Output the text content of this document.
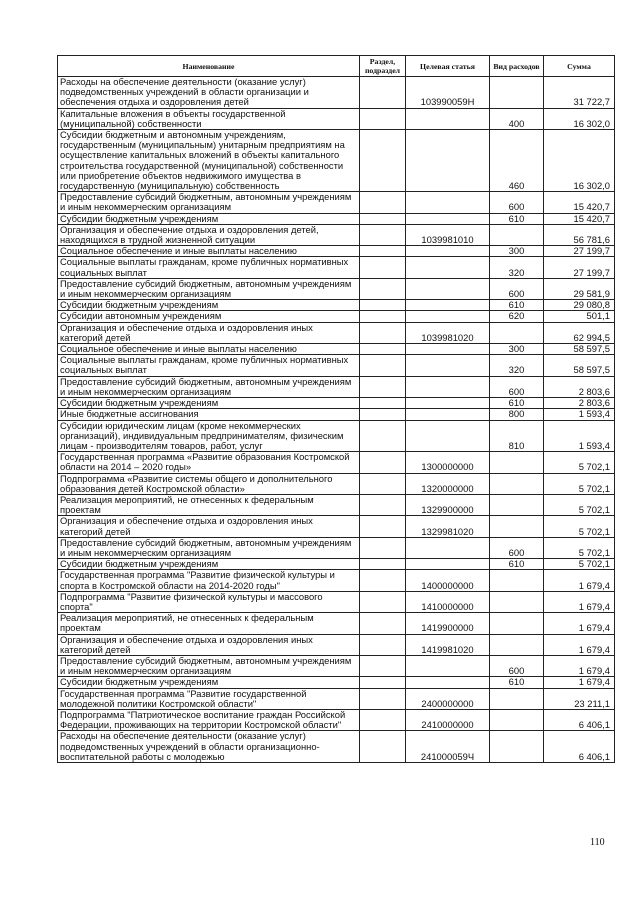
Наименование	Раздел, подраздел	Целевая статья	Вид расходов	Сумма
Расходы на обеспечение деятельности (оказание услуг) подведомственных учреждений в области организации и обеспечения отдыха и оздоровления детей		103990059Н		31 722,7
Капитальные вложения в объекты государственной (муниципальной) собственности			400	16 302,0
Субсидии бюджетным и автономным учреждениям, государственным (муниципальным) унитарным предприятиям на осуществление капитальных вложений в объекты капитального строительства государственной (муниципальной) собственности или приобретение объектов недвижимого имущества в государственную (муниципальную) собственность			460	16 302,0
Предоставление субсидий бюджетным, автономным учреждениям и иным некоммерческим организациям			600	15 420,7
Субсидии бюджетным учреждениям			610	15 420,7
Организация и обеспечение отдыха и оздоровления детей, находящихся в трудной жизненной ситуации		1039981010		56 781,6
Социальное обеспечение и иные выплаты населению			300	27 199,7
Социальные выплаты гражданам, кроме публичных нормативных социальных выплат			320	27 199,7
Предоставление субсидий бюджетным, автономным учреждениям и иным некоммерческим организациям			600	29 581,9
Субсидии бюджетным учреждениям			610	29 080,8
Субсидии автономным учреждениям			620	501,1
Организация и обеспечение отдыха и оздоровления иных категорий детей		1039981020		62 994,5
Социальное обеспечение и иные выплаты населению			300	58 597,5
Социальные выплаты гражданам, кроме публичных нормативных социальных выплат			320	58 597,5
Предоставление субсидий бюджетным, автономным учреждениям и иным некоммерческим организациям			600	2 803,6
Субсидии бюджетным учреждениям			610	2 803,6
Иные бюджетные ассигнования			800	1 593,4
Субсидии юридическим лицам (кроме некоммерческих организаций), индивидуальным предпринимателям, физическим лицам - производителям товаров, работ, услуг			810	1 593,4
Государственная программа «Развитие образования Костромской области на 2014 – 2020 годы»		1300000000		5 702,1
Подпрограмма «Развитие системы общего и дополнительного образования детей Костромской области»		1320000000		5 702,1
Реализация мероприятий, не отнесенных к федеральным проектам		1329900000		5 702,1
Организация и обеспечение отдыха и оздоровления иных категорий детей		1329981020		5 702,1
Предоставление субсидий бюджетным, автономным учреждениям и иным некоммерческим организациям			600	5 702,1
Субсидии бюджетным учреждениям			610	5 702,1
Государственная программа "Развитие физической культуры и спорта в Костромской области на 2014-2020 годы"		1400000000		1 679,4
Подпрограмма "Развитие физической культуры и массового спорта"		1410000000		1 679,4
Реализация мероприятий, не отнесенных к федеральным проектам		1419900000		1 679,4
Организация и обеспечение отдыха и оздоровления иных категорий детей		1419981020		1 679,4
Предоставление субсидий бюджетным, автономным учреждениям и иным некоммерческим организациям			600	1 679,4
Субсидии бюджетным учреждениям			610	1 679,4
Государственная программа "Развитие государственной молодежной политики Костромской области"		2400000000		23 211,1
Подпрограмма "Патриотическое воспитание граждан Российской Федерации, проживающих на территории Костромской области"		2410000000		6 406,1
Расходы на обеспечение деятельности (оказание услуг) подведомственных учреждений в области организационно-воспитательной работы с молодежью		241000059Ч		6 406,1
110
